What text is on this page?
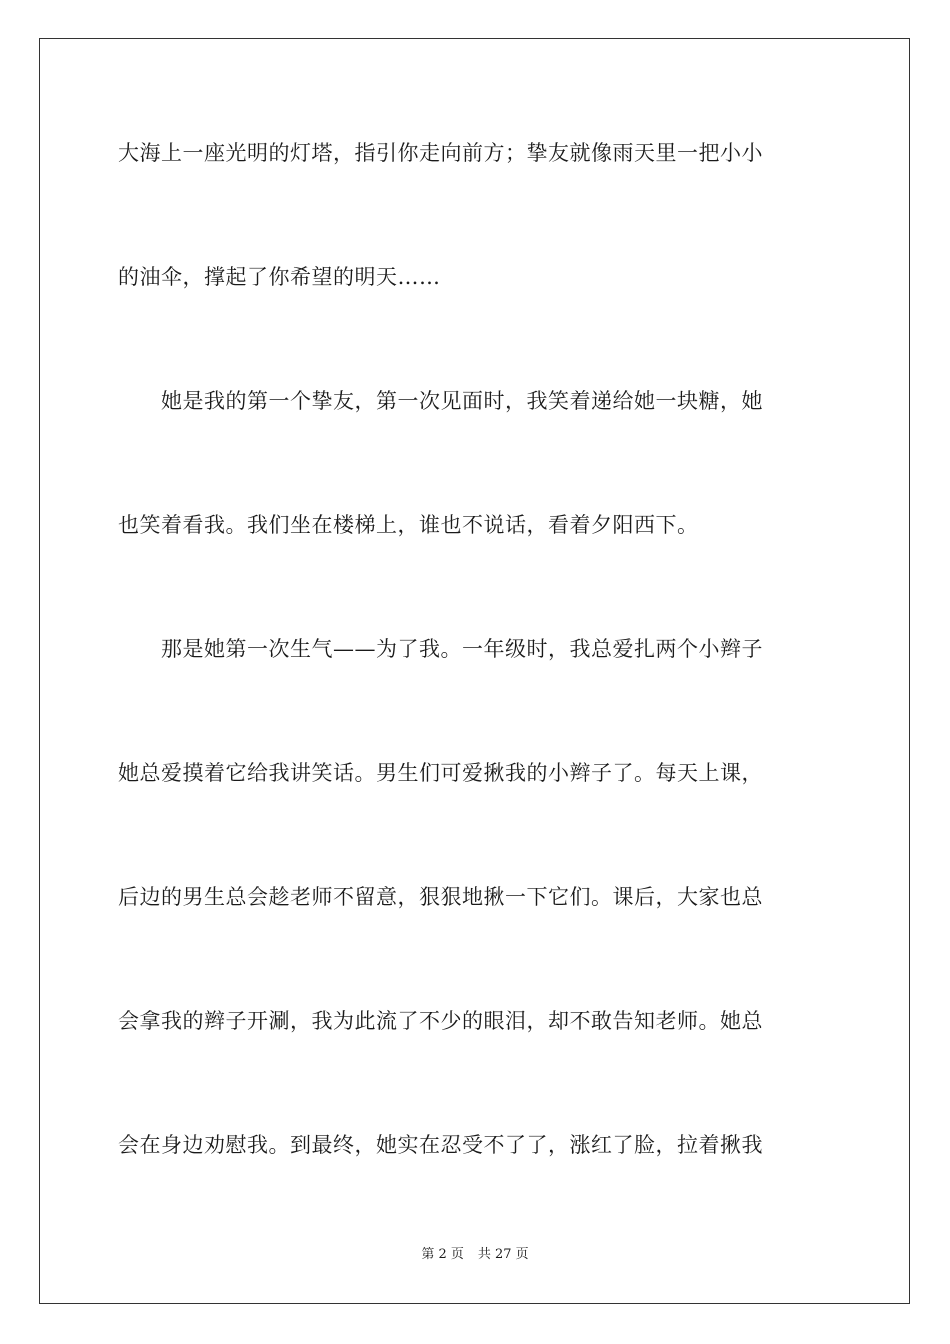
大海上一座光明的灯塔，指引你走向前方；挚友就像雨天里一把小小
的油伞，撑起了你希望的明天……
　　她是我的第一个挚友，第一次见面时，我笑着递给她一块糖，她
也笑着看我。我们坐在楼梯上，谁也不说话，看着夕阳西下。
　　那是她第一次生气——为了我。一年级时，我总爱扎两个小辫子
她总爱摸着它给我讲笑话。男生们可爱揪我的小辫子了。每天上课，
后边的男生总会趁老师不留意，狠狠地揪一下它们。课后，大家也总
会拿我的辫子开涮，我为此流了不少的眼泪，却不敢告知老师。她总
会在身边劝慰我。到最终，她实在忍受不了了，涨红了脸，拉着揪我
第 2 页 共 27 页
